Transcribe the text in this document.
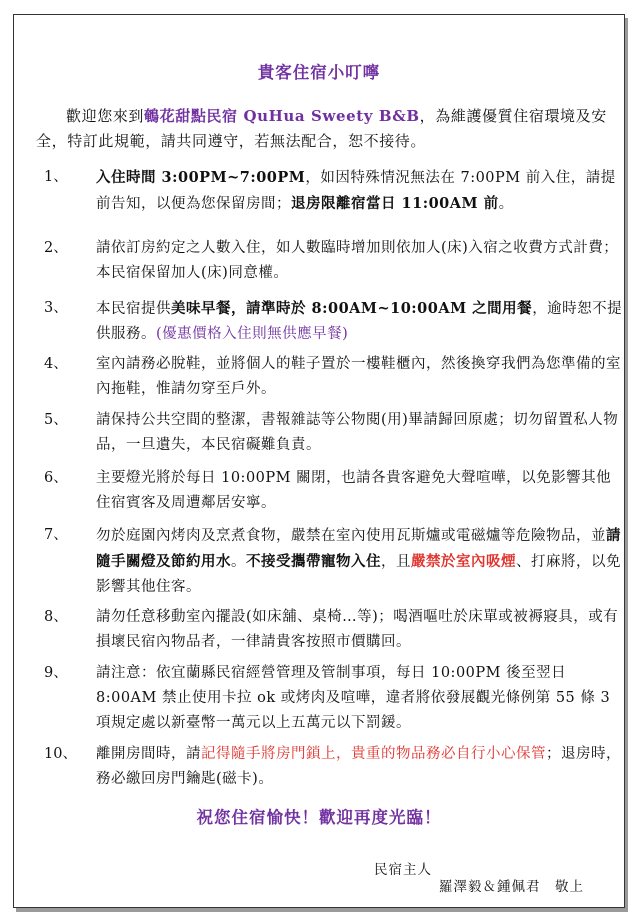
貴客住宿小叮嚀

歡迎您來到鵪花甜點民宿 QuHua Sweety B&B，為維護優質住宿環境及安全，特訂此規範，請共同遵守，若無法配合，恕不接待。

1、	入住時間 3:00PM~7:00PM，如因特殊情況無法在 7:00PM 前入住，請提前告知，以便為您保留房間；退房限離宿當日 11:00AM 前。
2、	請依訂房約定之人數入住，如人數臨時增加則依加人(床)入宿之收費方式計費；本民宿保留加人(床)同意權。
3、	本民宿提供美味早餐，請準時於 8:00AM~10:00AM 之間用餐，逾時恕不提供服務。(優惠價格入住則無供應早餐)
4、	室內請務必脫鞋，並將個人的鞋子置於一樓鞋櫃內，然後換穿我們為您準備的室內拖鞋，惟請勿穿至戶外。
5、	請保持公共空間的整潔，書報雜誌等公物閱(用)畢請歸回原處；切勿留置私人物品，一旦遺失，本民宿礙難負責。
6、	主要燈光將於每日 10:00PM 關閉，也請各貴客避免大聲喧嘩，以免影響其他住宿賓客及周遭鄰居安寧。
7、	勿於庭園內烤肉及烹煮食物，嚴禁在室內使用瓦斯爐或電磁爐等危險物品，並請隨手關燈及節約用水。不接受攜帶寵物入住，且嚴禁於室內吸煙、打麻將，以免影響其他住客。
8、	請勿任意移動室內擺設(如床舖、桌椅…等)；喝酒嘔吐於床單或被褥寢具，或有損壞民宿內物品者，一律請貴客按照市價購回。
9、	請注意：依宜蘭縣民宿經營管理及管制事項，每日 10:00PM 後至翌日 8:00AM 禁止使用卡拉 ok 或烤肉及喧嘩，違者將依發展觀光條例第 55 條 3 項規定處以新臺幣一萬元以上五萬元以下罰鍰。
10、	離開房間時，請記得隨手將房門鎖上，貴重的物品務必自行小心保管；退房時，務必繳回房門鑰匙(磁卡)。
祝您住宿愉快！歡迎再度光臨！
民宿主人
羅澤毅＆鍾佩君　敬上
